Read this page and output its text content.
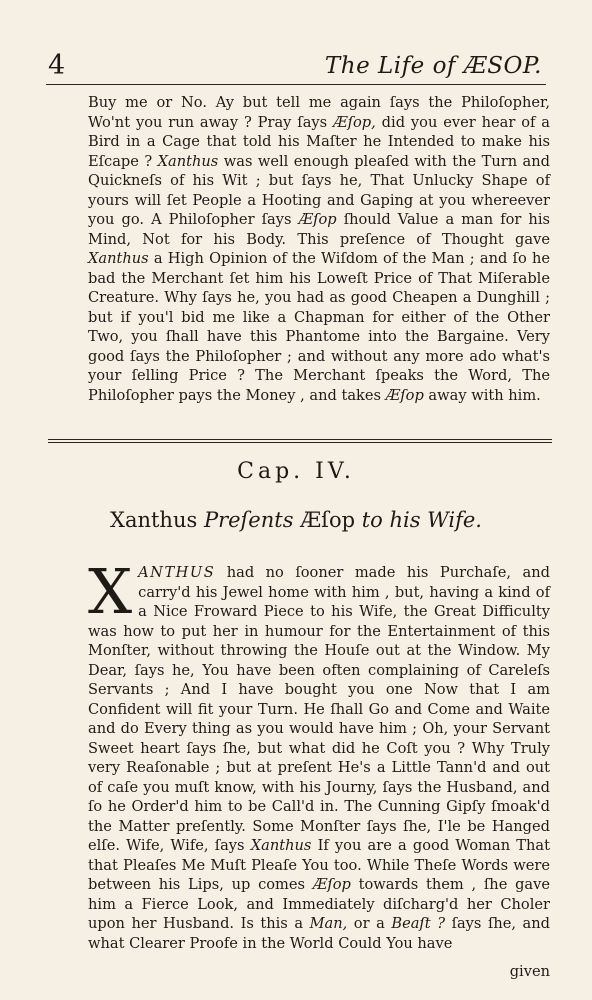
4	The Life of ÆSOP.

Buy me or No. Ay but tell me again ſays the Philoſopher, Wo'nt you run away ? Pray ſays Æſop, did you ever hear of a Bird in a Cage that told his Maſter he Intended to make his Eſcape ? Xanthus was well enough pleaſed with the Turn and Quickneſs of his Wit ; but ſays he, That Unlucky Shape of yours will ſet People a Hooting and Gaping at you whereever you go. A Philoſopher ſays Æſop ſhould Value a man for his Mind, Not for his Body. This preſence of Thought gave Xanthus a High Opinion of the Wiſdom of the Man ; and ſo he bad the Merchant ſet him his Loweſt Price of That Miſerable Creature. Why ſays he, you had as good Cheapen a Dunghill ; but if you'l bid me like a Chapman for either of the Other Two, you ſhall have this Phantome into the Bargaine. Very good ſays the Philoſopher ; and without any more ado what's your ſelling Price ? The Merchant ſpeaks the Word, The Philoſopher pays the Money , and takes Æſop away with him.

Cap. IV.
Xanthus Preſents Æſop to his Wife.

XANTHUS had no ſooner made his Purchaſe, and carry'd his Jewel home with him , but, having a kind of a Nice Froward Piece to his Wife, the Great Difficulty was how to put her in humour for the Entertainment of this Monſter, without throwing the Houſe out at the Window. My Dear, ſays he, You have been often complaining of Careleſs Servants ; And I have bought you one Now that I am Confident will fit your Turn. He ſhall Go and Come and Waite and do Every thing as you would have him ; Oh, your Servant Sweet heart ſays ſhe, but what did he Coſt you ? Why Truly very Reaſonable ; but at preſent He's a Little Tann'd and out of caſe you muſt know, with his Journy, ſays the Husband, and ſo he Order'd him to be Call'd in. The Cunning Gipſy ſmoak'd the Matter preſently. Some Monſter ſays ſhe, I'le be Hanged elſe. Wife, Wife, ſays Xanthus If you are a good Woman That that Pleaſes Me Muſt Pleaſe You too. While Theſe Words were between his Lips, up comes Æſop towards them , ſhe gave him a Fierce Look, and Immediately diſcharg'd her Choler upon her Husband. Is this a Man, or a Beaſt ? ſays ſhe, and what Clearer Proofe in the World Could You have

given
